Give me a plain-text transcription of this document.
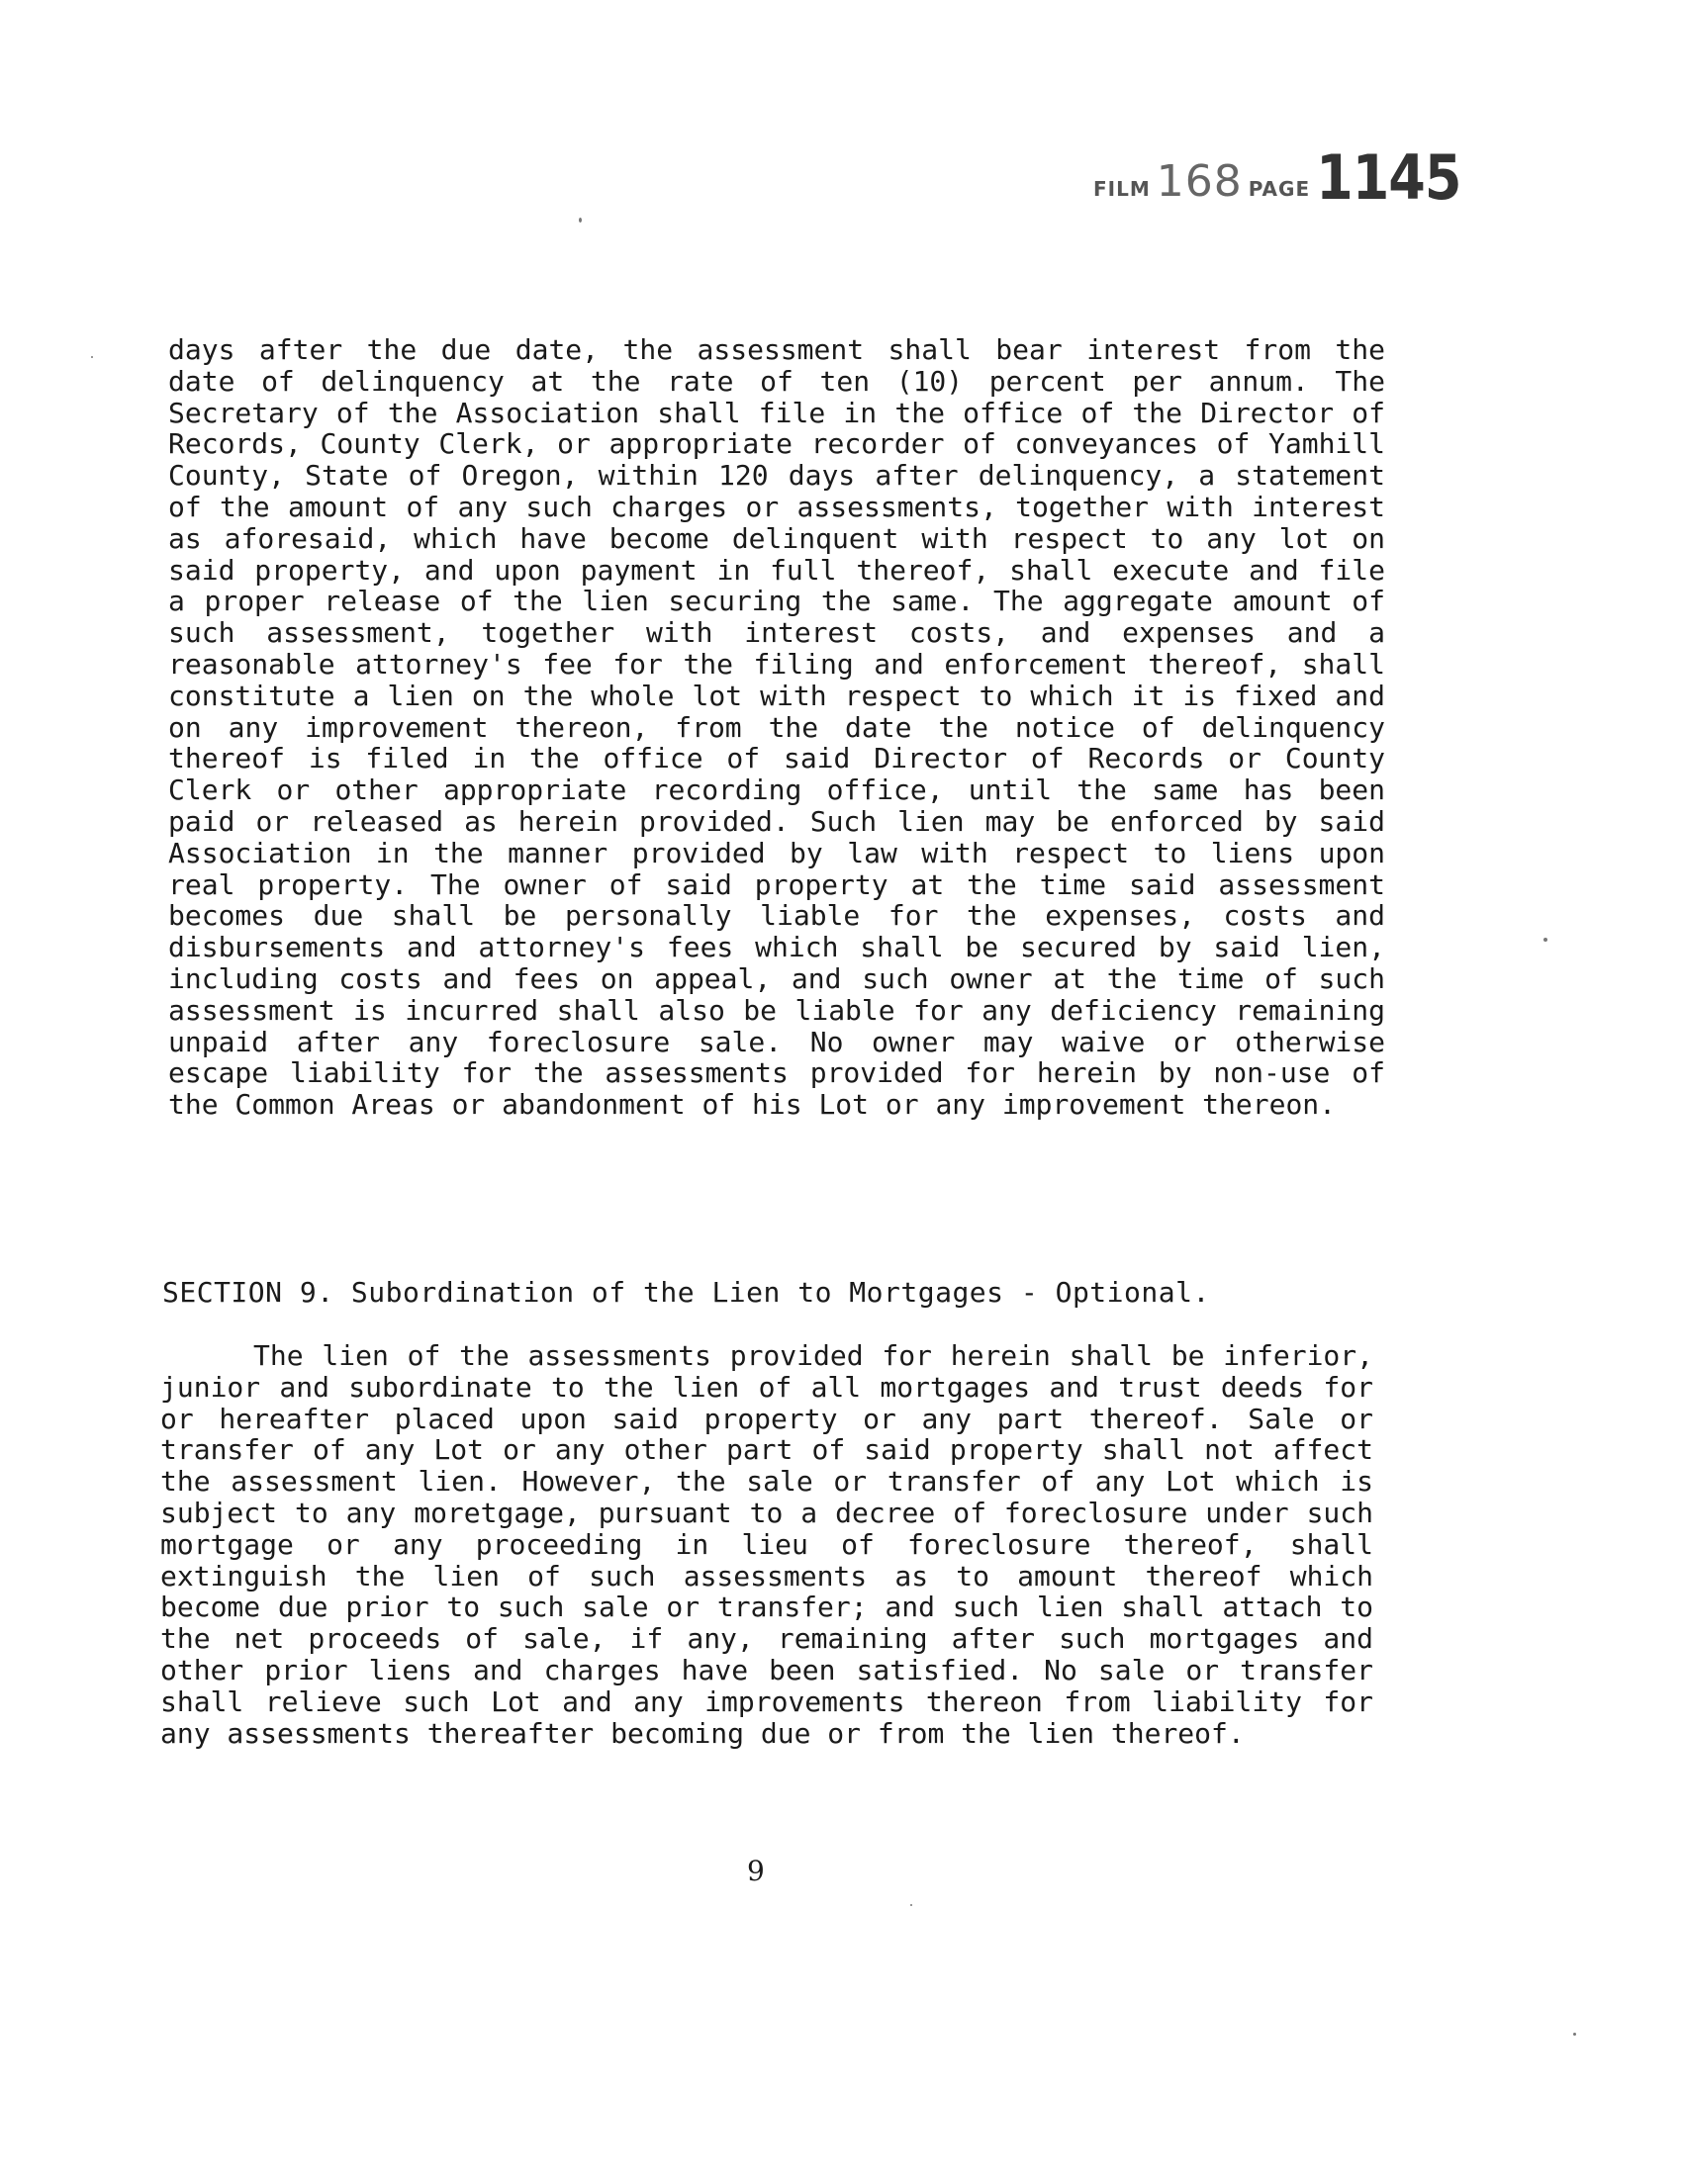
FILM 168 PAGE 1145
days after the due date, the assessment shall bear interest from the date of delinquency at the rate of ten (10) percent per annum. The Secretary of the Association shall file in the office of the Director of Records, County Clerk, or appropriate recorder of conveyances of Yamhill County, State of Oregon, within 120 days after delinquency, a statement of the amount of any such charges or assessments, together with interest as aforesaid, which have become delinquent with respect to any lot on said property, and upon payment in full thereof, shall execute and file a proper release of the lien securing the same. The aggregate amount of such assessment, together with interest costs, and expenses and a reasonable attorney's fee for the filing and enforcement thereof, shall constitute a lien on the whole lot with respect to which it is fixed and on any improvement thereon, from the date the notice of delinquency thereof is filed in the office of said Director of Records or County Clerk or other appropriate recording office, until the same has been paid or released as herein provided. Such lien may be enforced by said Association in the manner provided by law with respect to liens upon real property. The owner of said property at the time said assessment becomes due shall be personally liable for the expenses, costs and disbursements and attorney's fees which shall be secured by said lien, including costs and fees on appeal, and such owner at the time of such assessment is incurred shall also be liable for any deficiency remaining unpaid after any foreclosure sale. No owner may waive or otherwise escape liability for the assessments provided for herein by non-use of the Common Areas or abandonment of his Lot or any improvement thereon.
SECTION 9. Subordination of the Lien to Mortgages - Optional.
The lien of the assessments provided for herein shall be inferior, junior and subordinate to the lien of all mortgages and trust deeds for or hereafter placed upon said property or any part thereof. Sale or transfer of any Lot or any other part of said property shall not affect the assessment lien. However, the sale or transfer of any Lot which is subject to any moretgage, pursuant to a decree of foreclosure under such mortgage or any proceeding in lieu of foreclosure thereof, shall extinguish the lien of such assessments as to amount thereof which become due prior to such sale or transfer; and such lien shall attach to the net proceeds of sale, if any, remaining after such mortgages and other prior liens and charges have been satisfied. No sale or transfer shall relieve such Lot and any improvements thereon from liability for any assessments thereafter becoming due or from the lien thereof.
9
